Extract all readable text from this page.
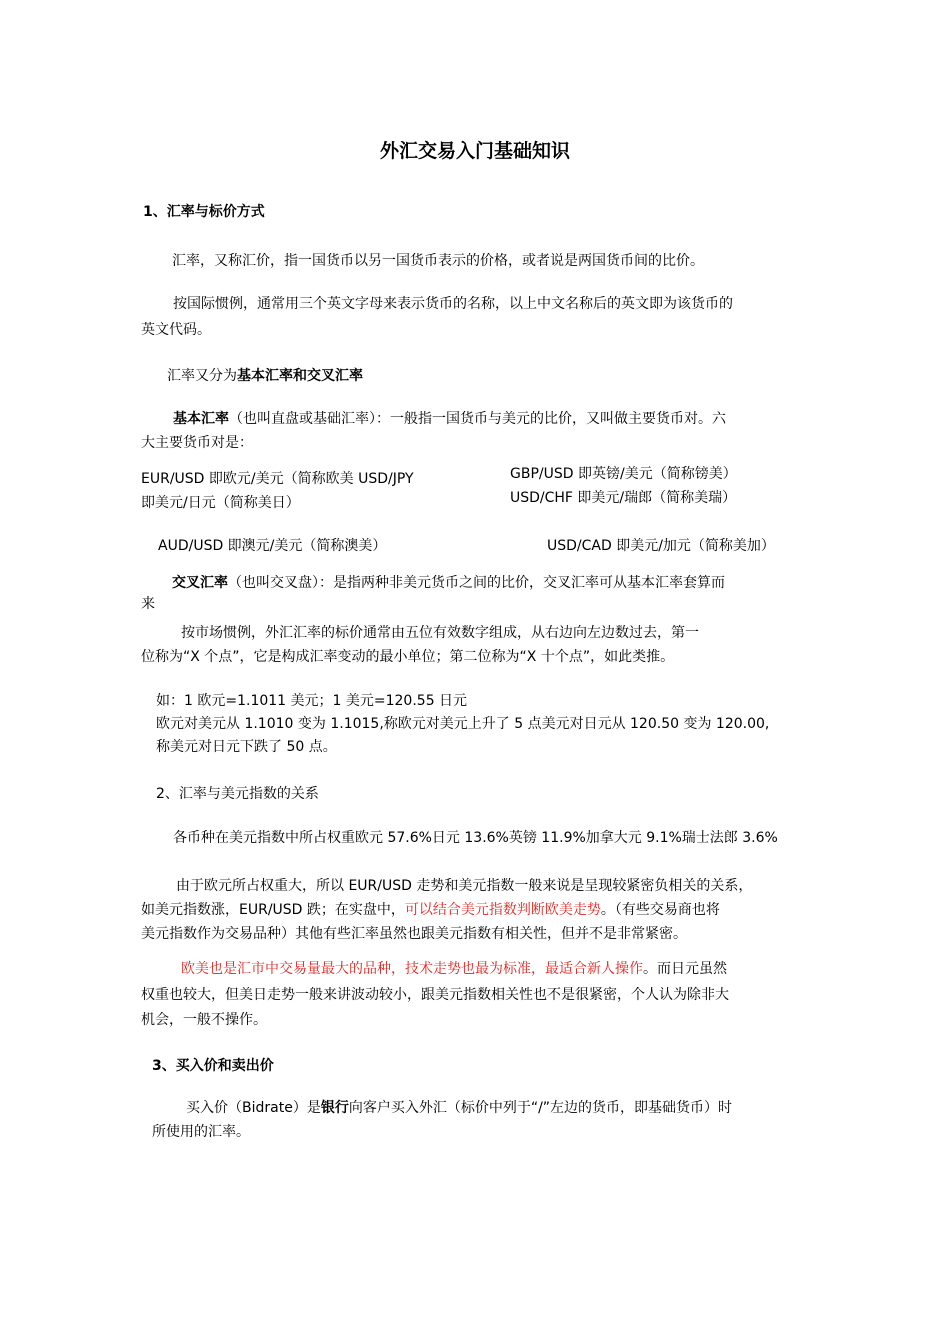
外汇交易入门基础知识
1、汇率与标价方式
汇率，又称汇价，指一国货币以另一国货币表示的价格，或者说是两国货币间的比价。
按国际惯例，通常用三个英文字母来表示货币的名称，以上中文名称后的英文即为该货币的
英文代码。
汇率又分为基本汇率和交叉汇率
基本汇率（也叫直盘或基础汇率）：一般指一国货币与美元的比价，又叫做主要货币对。六
大主要货币对是：
EUR/USD 即欧元/美元（简称欧美 USD/JPY
即美元/日元（简称美日）
GBP/USD 即英镑/美元（简称镑美）
USD/CHF 即美元/瑞郎（简称美瑞）
AUD/USD 即澳元/美元（简称澳美）	USD/CAD 即美元/加元（简称美加）
交叉汇率（也叫交叉盘）：是指两种非美元货币之间的比价，交叉汇率可从基本汇率套算而
来
按市场惯例，外汇汇率的标价通常由五位有效数字组成，从右边向左边数过去，第一
位称为“X 个点”，它是构成汇率变动的最小单位；第二位称为“X 十个点”，如此类推。
如：1 欧元=1.1011 美元；1 美元=120.55 日元
欧元对美元从 1.1010 变为 1.1015,称欧元对美元上升了 5 点美元对日元从 120.50 变为 120.00,
称美元对日元下跌了 50 点。
2、汇率与美元指数的关系
各币种在美元指数中所占权重欧元 57.6%日元 13.6%英镑 11.9%加拿大元 9.1%瑞士法郎 3.6%
由于欧元所占权重大，所以 EUR/USD 走势和美元指数一般来说是呈现较紧密负相关的关系，
如美元指数涨，EUR/USD 跌；在实盘中，可以结合美元指数判断欧美走势。（有些交易商也将
美元指数作为交易品种）其他有些汇率虽然也跟美元指数有相关性，但并不是非常紧密。
欧美也是汇市中交易量最大的品种，技术走势也最为标准，最适合新人操作。而日元虽然
权重也较大，但美日走势一般来讲波动较小，跟美元指数相关性也不是很紧密，个人认为除非大
机会，一般不操作。
3、买入价和卖出价
买入价（Bidrate）是银行向客户买入外汇（标价中列于“/”左边的货币，即基础货币）时
所使用的汇率。
